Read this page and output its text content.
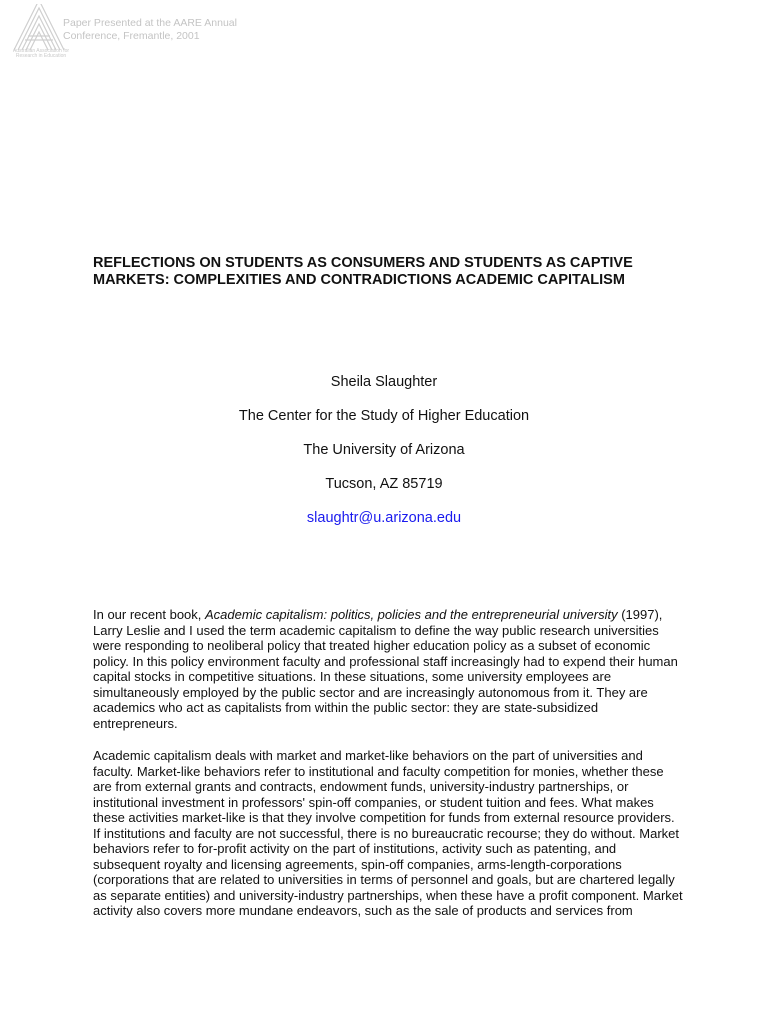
Australian Association for Research in Education
Paper Presented at the AARE Annual
Conference, Fremantle, 2001
REFLECTIONS ON STUDENTS AS CONSUMERS AND STUDENTS AS CAPTIVE
MARKETS: COMPLEXITIES AND CONTRADICTIONS ACADEMIC CAPITALISM
Sheila Slaughter
The Center for the Study of Higher Education
The University of Arizona
Tucson, AZ 85719
slaughtr@u.arizona.edu

In our recent book, Academic capitalism: politics, policies and the entrepreneurial university (1997), Larry Leslie and I used the term academic capitalism to define the way public research universities were responding to neoliberal policy that treated higher education policy as a subset of economic policy. In this policy environment faculty and professional staff increasingly had to expend their human capital stocks in competitive situations. In these situations, some university employees are simultaneously employed by the public sector and are increasingly autonomous from it. They are academics who act as capitalists from within the public sector: they are state-subsidized entrepreneurs.

Academic capitalism deals with market and market-like behaviors on the part of universities and faculty. Market-like behaviors refer to institutional and faculty competition for monies, whether these are from external grants and contracts, endowment funds, university-industry partnerships, or institutional investment in professors' spin-off companies, or student tuition and fees. What makes these activities market-like is that they involve competition for funds from external resource providers. If institutions and faculty are not successful, there is no bureaucratic recourse; they do without. Market behaviors refer to for-profit activity on the part of institutions, activity such as patenting, and subsequent royalty and licensing agreements, spin-off companies, arms-length-corporations (corporations that are related to universities in terms of personnel and goals, but are chartered legally as separate entities) and university-industry partnerships, when these have a profit component. Market activity also covers more mundane endeavors, such as the sale of products and services from
